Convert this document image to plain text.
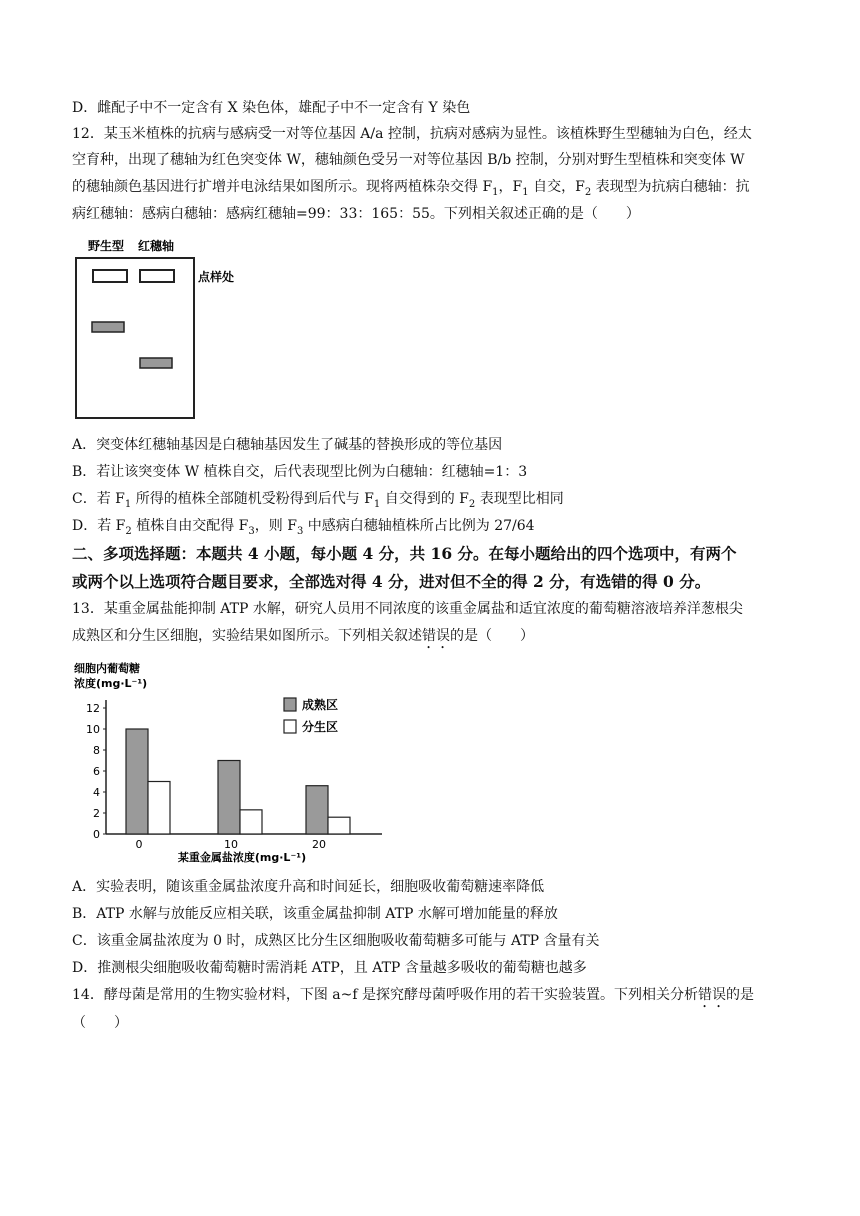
D．雌配子中不一定含有 X 染色体，雄配子中不一定含有 Y 染色
12．某玉米植株的抗病与感病受一对等位基因 A/a 控制，抗病对感病为显性。该植株野生型穗轴为白色，经太
空育种，出现了穗轴为红色突变体 W，穗轴颜色受另一对等位基因 B/b 控制，分别对野生型植株和突变体 W
的穗轴颜色基因进行扩增并电泳结果如图所示。现将两植株杂交得 $F_1$，$F_1$ 自交，$F_2$ 表现型为抗病白穗轴：抗
病红穗轴：感病白穗轴：感病红穗轴=99：33：165：55。下列相关叙述正确的是（　　）
野生型 红穗轴
点样处
A．突变体红穗轴基因是白穗轴基因发生了碱基的替换形成的等位基因
B．若让该突变体 W 植株自交，后代表现型比例为白穗轴：红穗轴=1：3
C．若 $F_1$ 所得的植株全部随机受粉得到后代与 $F_1$ 自交得到的 $F_2$ 表现型比相同
D．若 $F_2$ 植株自由交配得 $F_3$，则 $F_3$ 中感病白穗轴植株所占比例为 27/64
二、多项选择题：本题共 4 小题，每小题 4 分，共 16 分。在每小题给出的四个选项中，有两个
或两个以上选项符合题目要求，全部选对得 4 分，进对但不全的得 2 分，有选错的得 0 分。
13．某重金属盐能抑制 ATP 水解，研究人员用不同浓度的该重金属盐和适宜浓度的葡萄糖溶液培养洋葱根尖
成熟区和分生区细胞，实验结果如图所示。下列相关叙述错误的是（　　）
细胞内葡萄糖
浓度(mg·L⁻¹)
0
2
4
6
8
10
12
0	10	20
成熟区
分生区
某重金属盐浓度(mg·L⁻¹)
A．实验表明，随该重金属盐浓度升高和时间延长，细胞吸收葡萄糖速率降低
B．ATP 水解与放能反应相关联，该重金属盐抑制 ATP 水解可增加能量的释放
C．该重金属盐浓度为 0 时，成熟区比分生区细胞吸收葡萄糖多可能与 ATP 含量有关
D．推测根尖细胞吸收葡萄糖时需消耗 ATP，且 ATP 含量越多吸收的葡萄糖也越多
14．酵母菌是常用的生物实验材料，下图 a~f 是探究酵母菌呼吸作用的若干实验装置。下列相关分析错误的是
（　　）
